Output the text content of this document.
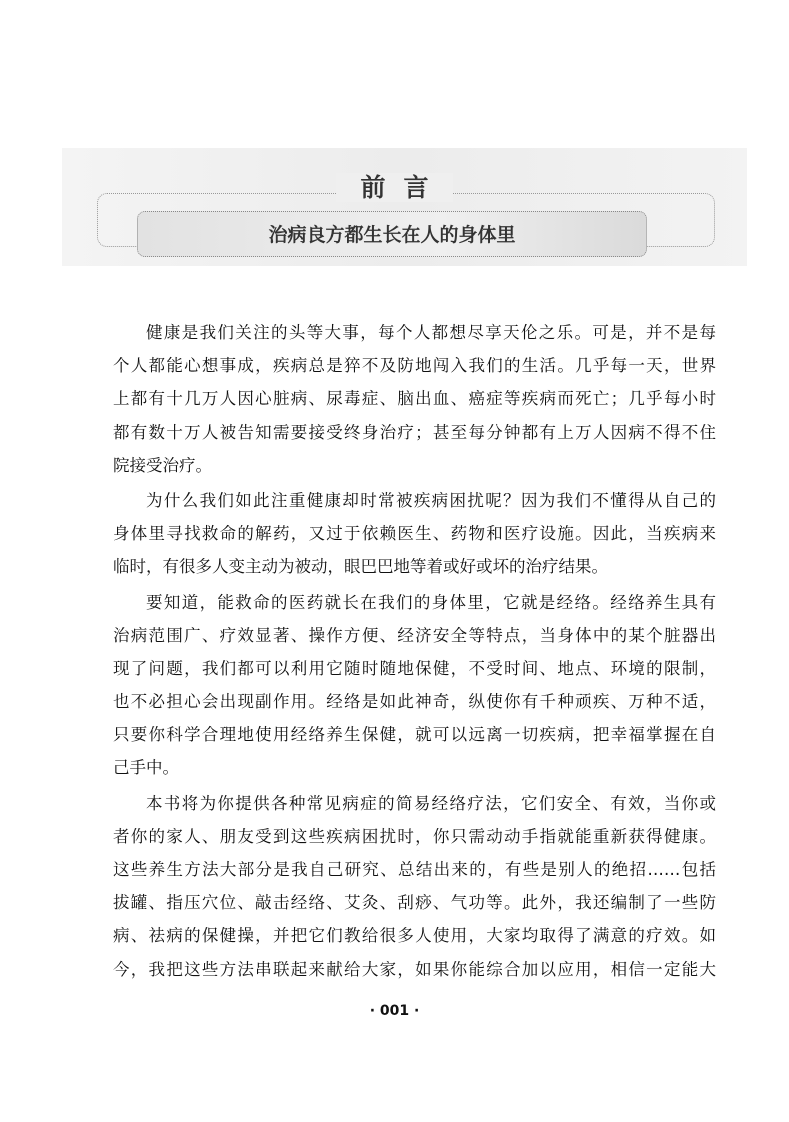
前言
治病良方都生长在人的身体里
健康是我们关注的头等大事，每个人都想尽享天伦之乐。可是，并不是每
个人都能心想事成，疾病总是猝不及防地闯入我们的生活。几乎每一天，世界
上都有十几万人因心脏病、尿毒症、脑出血、癌症等疾病而死亡；几乎每小时
都有数十万人被告知需要接受终身治疗；甚至每分钟都有上万人因病不得不住
院接受治疗。
为什么我们如此注重健康却时常被疾病困扰呢？因为我们不懂得从自己的
身体里寻找救命的解药，又过于依赖医生、药物和医疗设施。因此，当疾病来
临时，有很多人变主动为被动，眼巴巴地等着或好或坏的治疗结果。
要知道，能救命的医药就长在我们的身体里，它就是经络。经络养生具有
治病范围广、疗效显著、操作方便、经济安全等特点，当身体中的某个脏器出
现了问题，我们都可以利用它随时随地保健，不受时间、地点、环境的限制，
也不必担心会出现副作用。经络是如此神奇，纵使你有千种顽疾、万种不适，
只要你科学合理地使用经络养生保健，就可以远离一切疾病，把幸福掌握在自
己手中。
本书将为你提供各种常见病症的简易经络疗法，它们安全、有效，当你或
者你的家人、朋友受到这些疾病困扰时，你只需动动手指就能重新获得健康。
这些养生方法大部分是我自己研究、总结出来的，有些是别人的绝招……包括
拔罐、指压穴位、敲击经络、艾灸、刮痧、气功等。此外，我还编制了一些防
病、祛病的保健操，并把它们教给很多人使用，大家均取得了满意的疗效。如
今，我把这些方法串联起来献给大家，如果你能综合加以应用，相信一定能大
· 001 ·
